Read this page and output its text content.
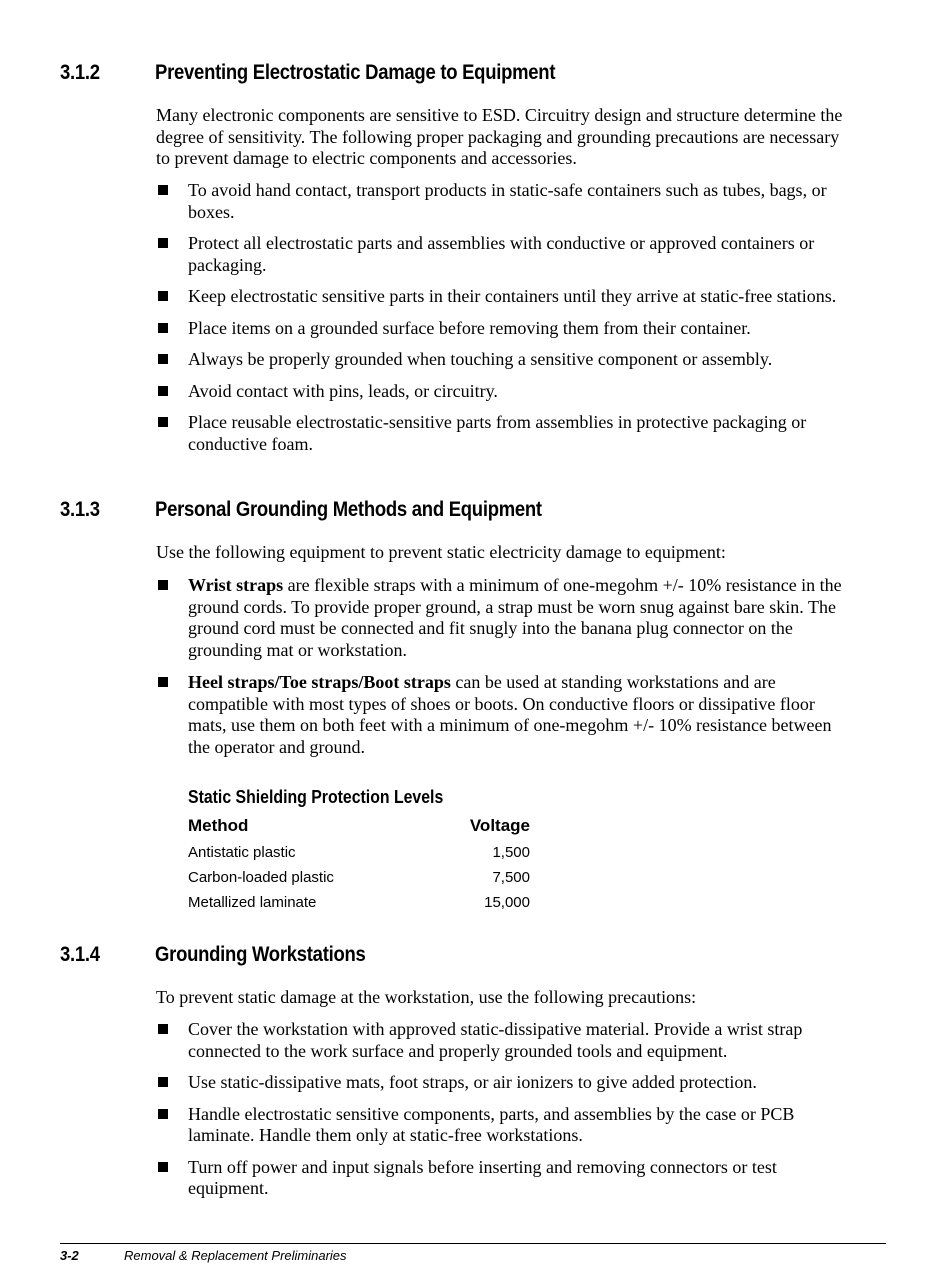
3.1.2	Preventing Electrostatic Damage to Equipment

Many electronic components are sensitive to ESD. Circuitry design and structure determine the degree of sensitivity. The following proper packaging and grounding precautions are necessary to prevent damage to electric components and accessories.

To avoid hand contact, transport products in static-safe containers such as tubes, bags, or boxes.
Protect all electrostatic parts and assemblies with conductive or approved containers or packaging.
Keep electrostatic sensitive parts in their containers until they arrive at static-free stations.
Place items on a grounded surface before removing them from their container.
Always be properly grounded when touching a sensitive component or assembly.
Avoid contact with pins, leads, or circuitry.
Place reusable electrostatic-sensitive parts from assemblies in protective packaging or conductive foam.
3.1.3	Personal Grounding Methods and Equipment

Use the following equipment to prevent static electricity damage to equipment:

Wrist straps are flexible straps with a minimum of one-megohm +/- 10% resistance in the ground cords. To provide proper ground, a strap must be worn snug against bare skin. The ground cord must be connected and fit snugly into the banana plug connector on the grounding mat or workstation.
Heel straps/Toe straps/Boot straps can be used at standing workstations and are compatible with most types of shoes or boots. On conductive floors or dissipative floor mats, use them on both feet with a minimum of one-megohm +/- 10% resistance between the operator and ground.
Static Shielding Protection Levels
Method	Voltage
Antistatic plastic	1,500
Carbon-loaded plastic	7,500
Metallized laminate	15,000
3.1.4	Grounding Workstations

To prevent static damage at the workstation, use the following precautions:

Cover the workstation with approved static-dissipative material. Provide a wrist strap connected to the work surface and properly grounded tools and equipment.
Use static-dissipative mats, foot straps, or air ionizers to give added protection.
Handle electrostatic sensitive components, parts, and assemblies by the case or PCB laminate. Handle them only at static-free workstations.
Turn off power and input signals before inserting and removing connectors or test equipment.
3-2	Removal & Replacement Preliminaries
